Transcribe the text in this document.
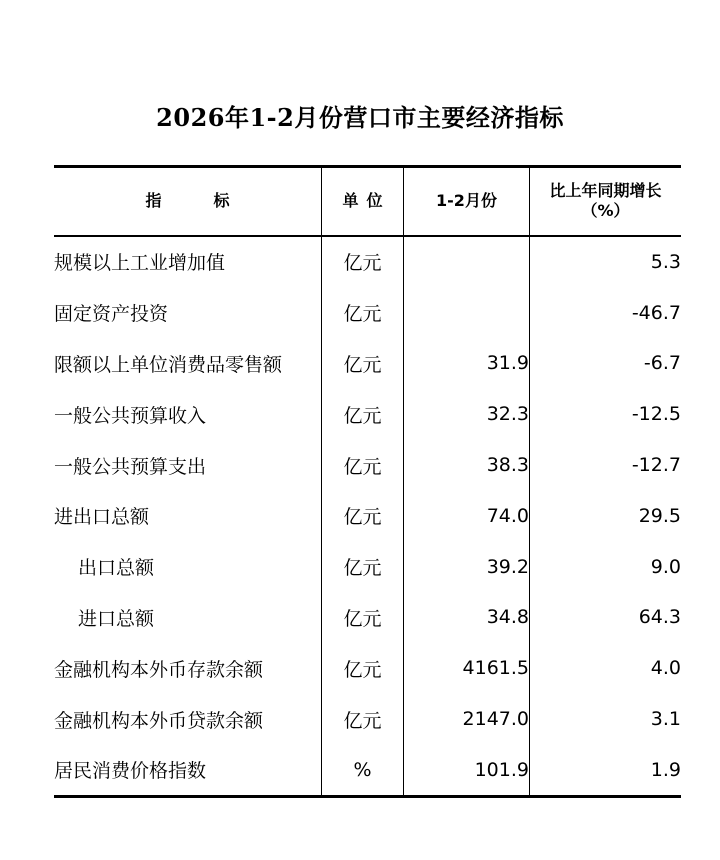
2026年1-2月份营口市主要经济指标
指 标	单 位	1-2月份	比上年同期增长
（%）

规模以上工业增加值	亿元		5.3
固定资产投资	亿元		-46.7
限额以上单位消费品零售额	亿元	31.9	-6.7
一般公共预算收入	亿元	32.3	-12.5
一般公共预算支出	亿元	38.3	-12.7
进出口总额	亿元	74.0	29.5
出口总额	亿元	39.2	9.0
进口总额	亿元	34.8	64.3
金融机构本外币存款余额	亿元	4161.5	4.0
金融机构本外币贷款余额	亿元	2147.0	3.1
居民消费价格指数	%	101.9	1.9
